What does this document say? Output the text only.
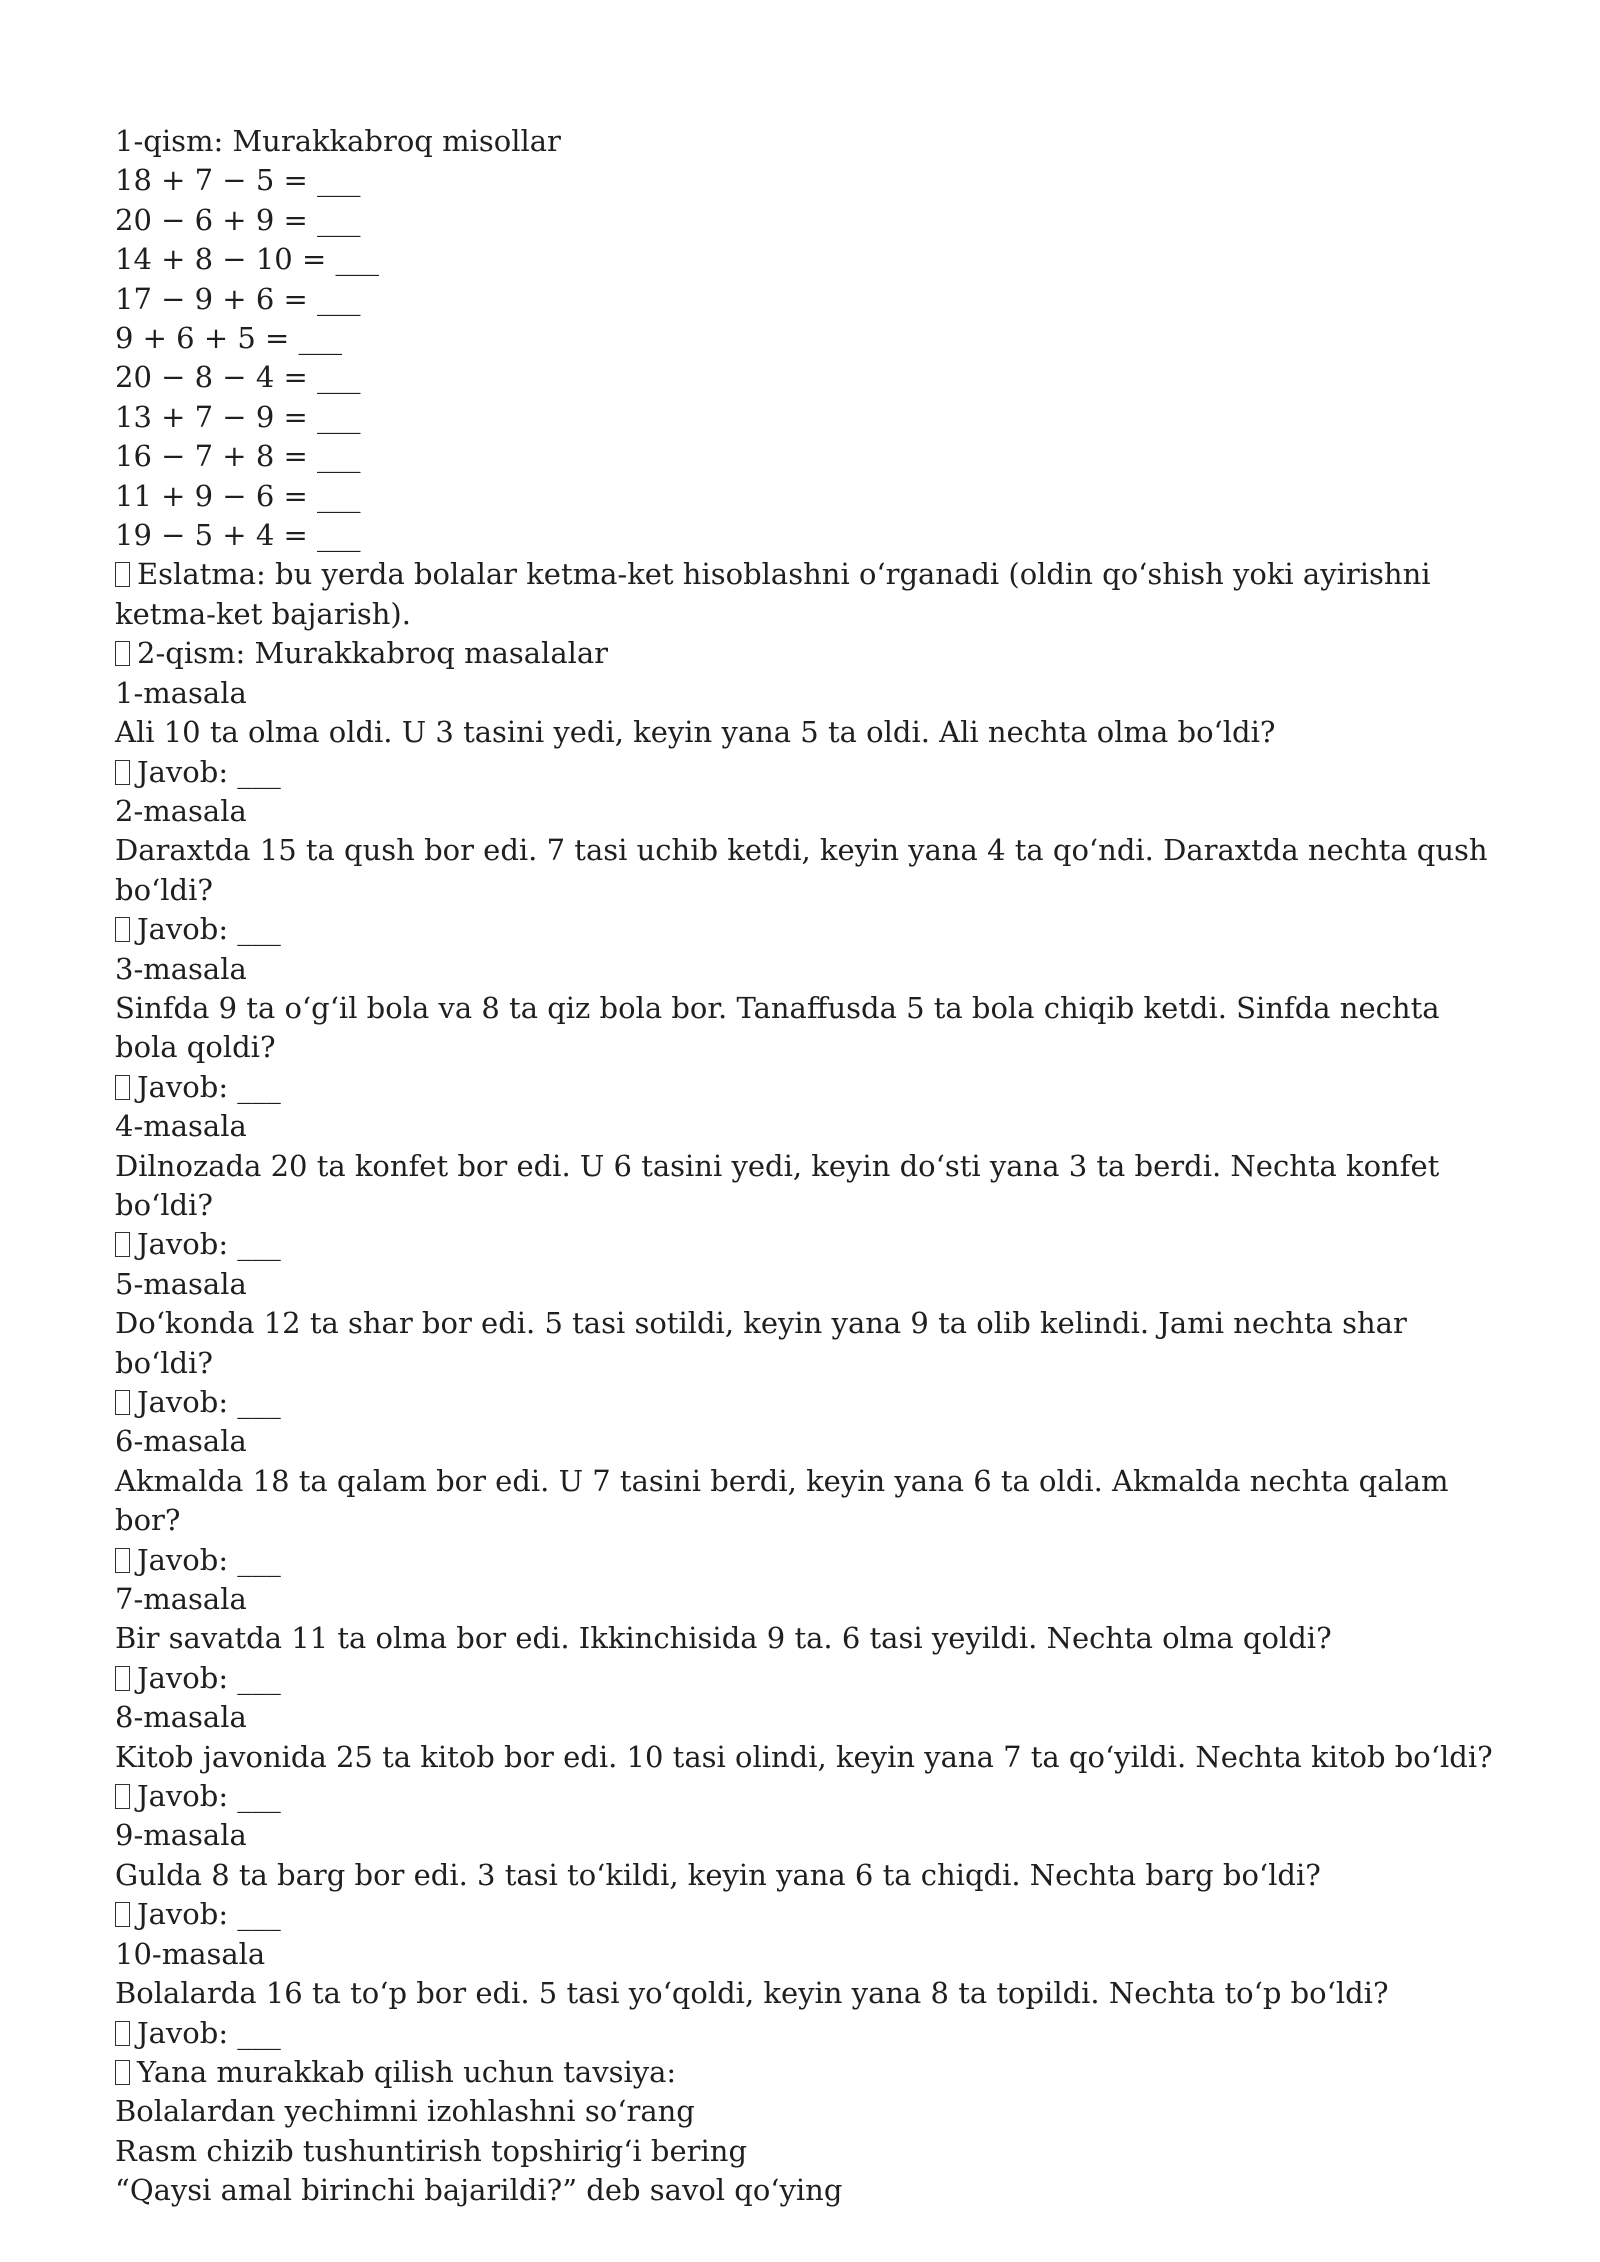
1-qism: Murakkabroq misollar
18 + 7 − 5 = ___
20 − 6 + 9 = ___
14 + 8 − 10 = ___
17 − 9 + 6 = ___
9 + 6 + 5 = ___
20 − 8 − 4 = ___
13 + 7 − 9 = ___
16 − 7 + 8 = ___
11 + 9 − 6 = ___
19 − 5 + 4 = ___
Eslatma: bu yerda bolalar ketma-ket hisoblashni oʻrganadi (oldin qoʻshish yoki ayirishni ketma-ket bajarish).
2-qism: Murakkabroq masalalar
1-masala
Ali 10 ta olma oldi. U 3 tasini yedi, keyin yana 5 ta oldi. Ali nechta olma boʻldi?
Javob: ___
2-masala
Daraxtda 15 ta qush bor edi. 7 tasi uchib ketdi, keyin yana 4 ta qoʻndi. Daraxtda nechta qush boʻldi?
Javob: ___
3-masala
Sinfda 9 ta oʻgʻil bola va 8 ta qiz bola bor. Tanaffusda 5 ta bola chiqib ketdi. Sinfda nechta bola qoldi?
Javob: ___
4-masala
Dilnozada 20 ta konfet bor edi. U 6 tasini yedi, keyin doʻsti yana 3 ta berdi. Nechta konfet boʻldi?
Javob: ___
5-masala
Doʻkonda 12 ta shar bor edi. 5 tasi sotildi, keyin yana 9 ta olib kelindi. Jami nechta shar boʻldi?
Javob: ___
6-masala
Akmalda 18 ta qalam bor edi. U 7 tasini berdi, keyin yana 6 ta oldi. Akmalda nechta qalam bor?
Javob: ___
7-masala
Bir savatda 11 ta olma bor edi. Ikkinchisida 9 ta. 6 tasi yeyildi. Nechta olma qoldi?
Javob: ___
8-masala
Kitob javonida 25 ta kitob bor edi. 10 tasi olindi, keyin yana 7 ta qoʻyildi. Nechta kitob boʻldi?
Javob: ___
9-masala
Gulda 8 ta barg bor edi. 3 tasi toʻkildi, keyin yana 6 ta chiqdi. Nechta barg boʻldi?
Javob: ___
10-masala
Bolalarda 16 ta toʻp bor edi. 5 tasi yoʻqoldi, keyin yana 8 ta topildi. Nechta toʻp boʻldi?
Javob: ___
Yana murakkab qilish uchun tavsiya:
Bolalardan yechimni izohlashni soʻrang
Rasm chizib tushuntirish topshirigʻi bering
“Qaysi amal birinchi bajarildi?” deb savol qoʻying
